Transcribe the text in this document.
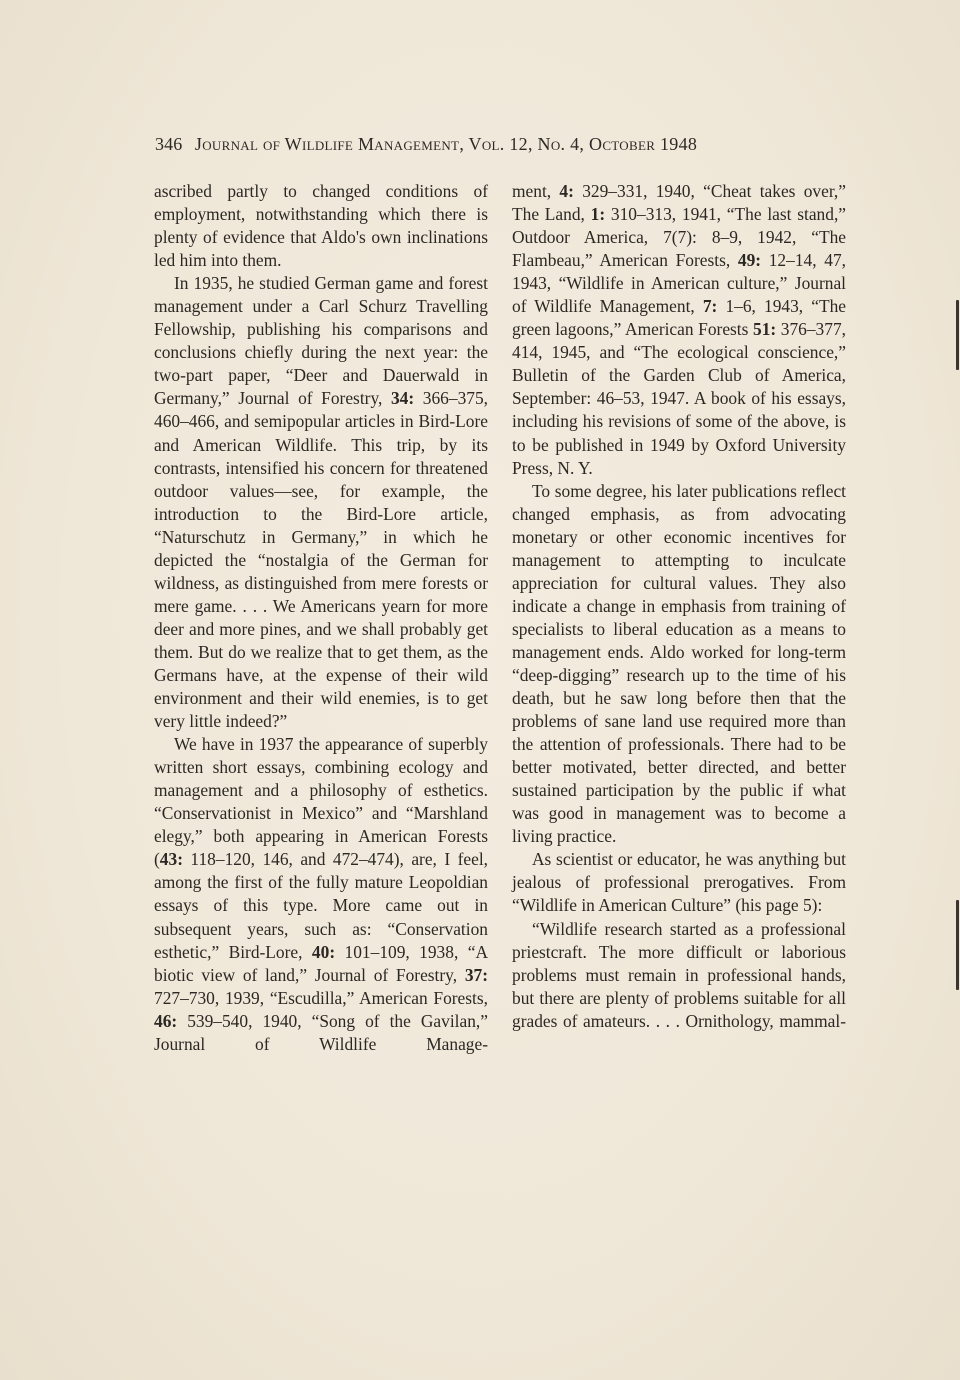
346 Journal of Wildlife Management, Vol. 12, No. 4, October 1948

ascribed partly to changed conditions of employment, notwithstanding which there is plenty of evidence that Aldo's own inclinations led him into them.

In 1935, he studied German game and forest management under a Carl Schurz Travelling Fellowship, publishing his comparisons and conclusions chiefly during the next year: the two-part paper, “Deer and Dauerwald in Germany,” Journal of Forestry, 34: 366–375, 460–466, and semipopular articles in Bird-Lore and American Wildlife. This trip, by its contrasts, intensified his concern for threatened outdoor values—see, for example, the introduction to the Bird-Lore article, “Naturschutz in Germany,” in which he depicted the “nostalgia of the German for wildness, as distinguished from mere forests or mere game. . . . We Americans yearn for more deer and more pines, and we shall probably get them. But do we realize that to get them, as the Germans have, at the expense of their wild environment and their wild enemies, is to get very little indeed?”

We have in 1937 the appearance of superbly written short essays, combining ecology and management and a philosophy of esthetics. “Conservationist in Mexico” and “Marshland elegy,” both appearing in American Forests (43: 118–120, 146, and 472–474), are, I feel, among the first of the fully mature Leopoldian essays of this type. More came out in subsequent years, such as: “Conservation esthetic,” Bird-Lore, 40: 101–109, 1938, “A biotic view of land,” Journal of Forestry, 37: 727–730, 1939, “Escudilla,” American Forests, 46: 539–540, 1940, “Song of the Gavilan,” Journal of Wildlife Manage-

ment, 4: 329–331, 1940, “Cheat takes over,” The Land, 1: 310–313, 1941, “The last stand,” Outdoor America, 7(7): 8–9, 1942, “The Flambeau,” American Forests, 49: 12–14, 47, 1943, “Wildlife in American culture,” Journal of Wildlife Management, 7: 1–6, 1943, “The green lagoons,” American Forests 51: 376–377, 414, 1945, and “The ecological conscience,” Bulletin of the Garden Club of America, September: 46–53, 1947. A book of his essays, including his revisions of some of the above, is to be published in 1949 by Oxford University Press, N. Y.

To some degree, his later publications reflect changed emphasis, as from advocating monetary or other economic incentives for management to attempting to inculcate appreciation for cultural values. They also indicate a change in emphasis from training of specialists to liberal education as a means to management ends. Aldo worked for long-term “deep-digging” research up to the time of his death, but he saw long before then that the problems of sane land use required more than the attention of professionals. There had to be better motivated, better directed, and better sustained participation by the public if what was good in management was to become a living practice.

As scientist or educator, he was anything but jealous of professional prerogatives. From “Wildlife in American Culture” (his page 5):

“Wildlife research started as a professional priestcraft. The more difficult or laborious problems must remain in professional hands, but there are plenty of problems suitable for all grades of amateurs. . . . Ornithology, mammal-
